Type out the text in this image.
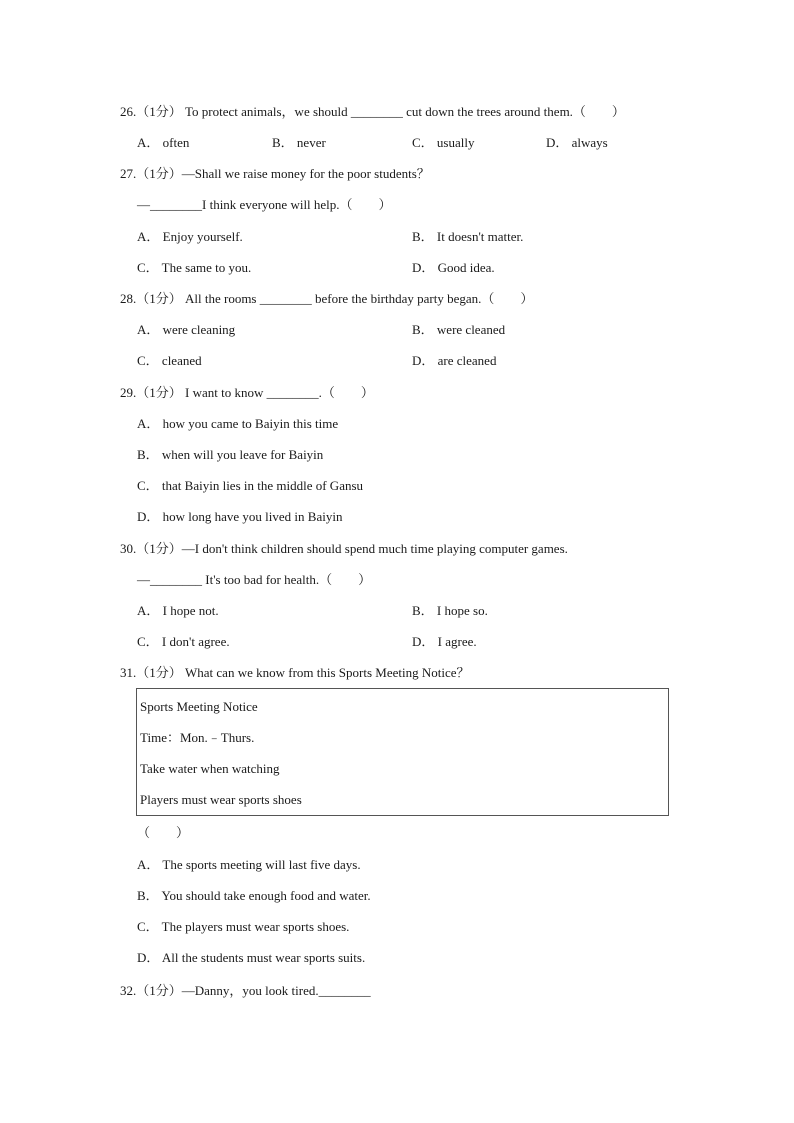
26.（1分） To protect animals，we should ________ cut down the trees around them.（　　）
A． often	B． never	C． usually	D． always
27.（1分）—Shall we raise money for the poor students？
—________I think everyone will help.（　　）
A． Enjoy yourself.	B． It doesn't matter.
C． The same to you.	D． Good idea.
28.（1分） All the rooms ________ before the birthday party began.（　　）
A． were cleaning	B． were cleaned
C． cleaned	D． are cleaned
29.（1分） I want to know ________.（　　）
A． how you came to Baiyin this time
B． when will you leave for Baiyin
C． that Baiyin lies in the middle of Gansu
D． how long have you lived in Baiyin
30.（1分）—I don't think children should spend much time playing computer games.
—________ It's too bad for health.（　　）
A． I hope not.	B． I hope so.
C． I don't agree.	D． I agree.
31.（1分） What can we know from this Sports Meeting Notice？
Sports Meeting Notice
Time：Mon.﹣Thurs.
Take water when watching
Players must wear sports shoes
（　　）
A． The sports meeting will last five days.
B． You should take enough food and water.
C． The players must wear sports shoes.
D． All the students must wear sports suits.
32.（1分）—Danny，you look tired.________
